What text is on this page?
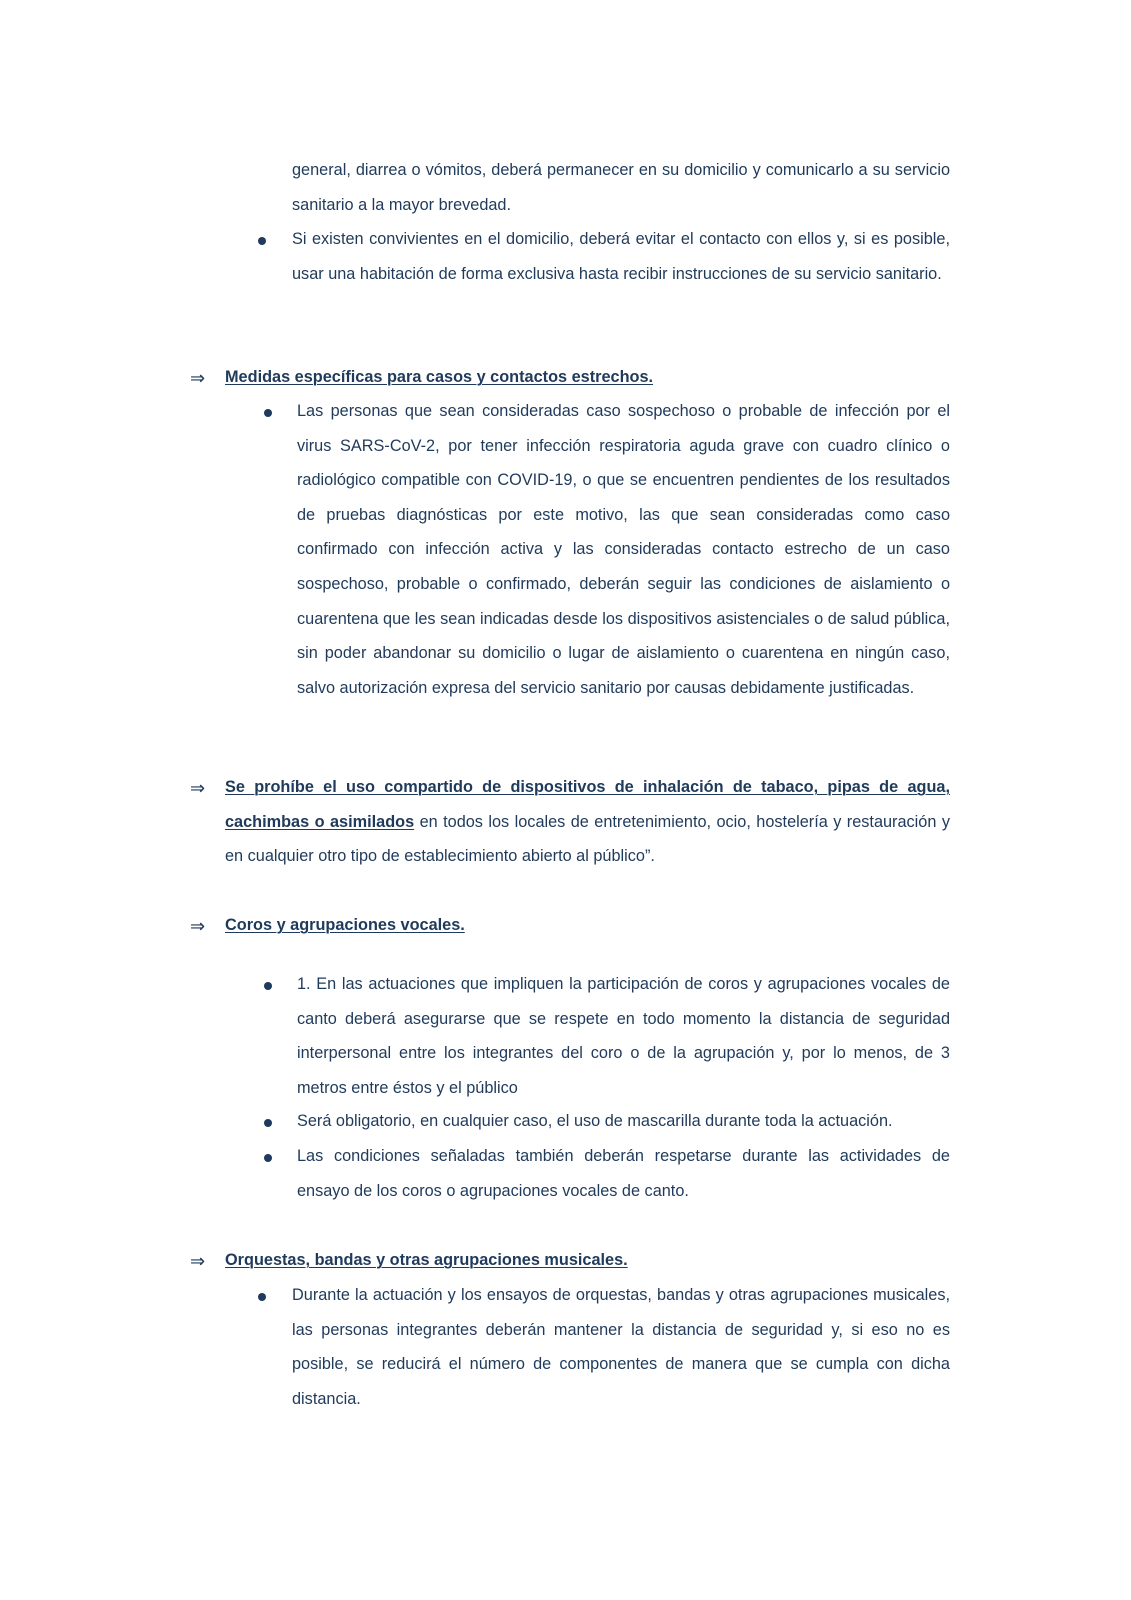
general, diarrea o vómitos, deberá permanecer en su domicilio y comunicarlo a su servicio sanitario a la mayor brevedad.
Si existen convivientes en el domicilio, deberá evitar el contacto con ellos y, si es posible, usar una habitación de forma exclusiva hasta recibir instrucciones de su servicio sanitario.
⇒ Medidas específicas para casos y contactos estrechos.
Las personas que sean consideradas caso sospechoso o probable de infección por el virus SARS-CoV-2, por tener infección respiratoria aguda grave con cuadro clínico o radiológico compatible con COVID-19, o que se encuentren pendientes de los resultados de pruebas diagnósticas por este motivo, las que sean consideradas como caso confirmado con infección activa y las consideradas contacto estrecho de un caso sospechoso, probable o confirmado, deberán seguir las condiciones de aislamiento o cuarentena que les sean indicadas desde los dispositivos asistenciales o de salud pública, sin poder abandonar su domicilio o lugar de aislamiento o cuarentena en ningún caso, salvo autorización expresa del servicio sanitario por causas debidamente justificadas.
⇒ Se prohíbe el uso compartido de dispositivos de inhalación de tabaco, pipas de agua, cachimbas o asimilados en todos los locales de entretenimiento, ocio, hostelería y restauración y en cualquier otro tipo de establecimiento abierto al público”.
⇒ Coros y agrupaciones vocales.
1. En las actuaciones que impliquen la participación de coros y agrupaciones vocales de canto deberá asegurarse que se respete en todo momento la distancia de seguridad interpersonal entre los integrantes del coro o de la agrupación y, por lo menos, de 3 metros entre éstos y el público
Será obligatorio, en cualquier caso, el uso de mascarilla durante toda la actuación.
Las condiciones señaladas también deberán respetarse durante las actividades de ensayo de los coros o agrupaciones vocales de canto.
⇒ Orquestas, bandas y otras agrupaciones musicales.
Durante la actuación y los ensayos de orquestas, bandas y otras agrupaciones musicales, las personas integrantes deberán mantener la distancia de seguridad y, si eso no es posible, se reducirá el número de componentes de manera que se cumpla con dicha distancia.
